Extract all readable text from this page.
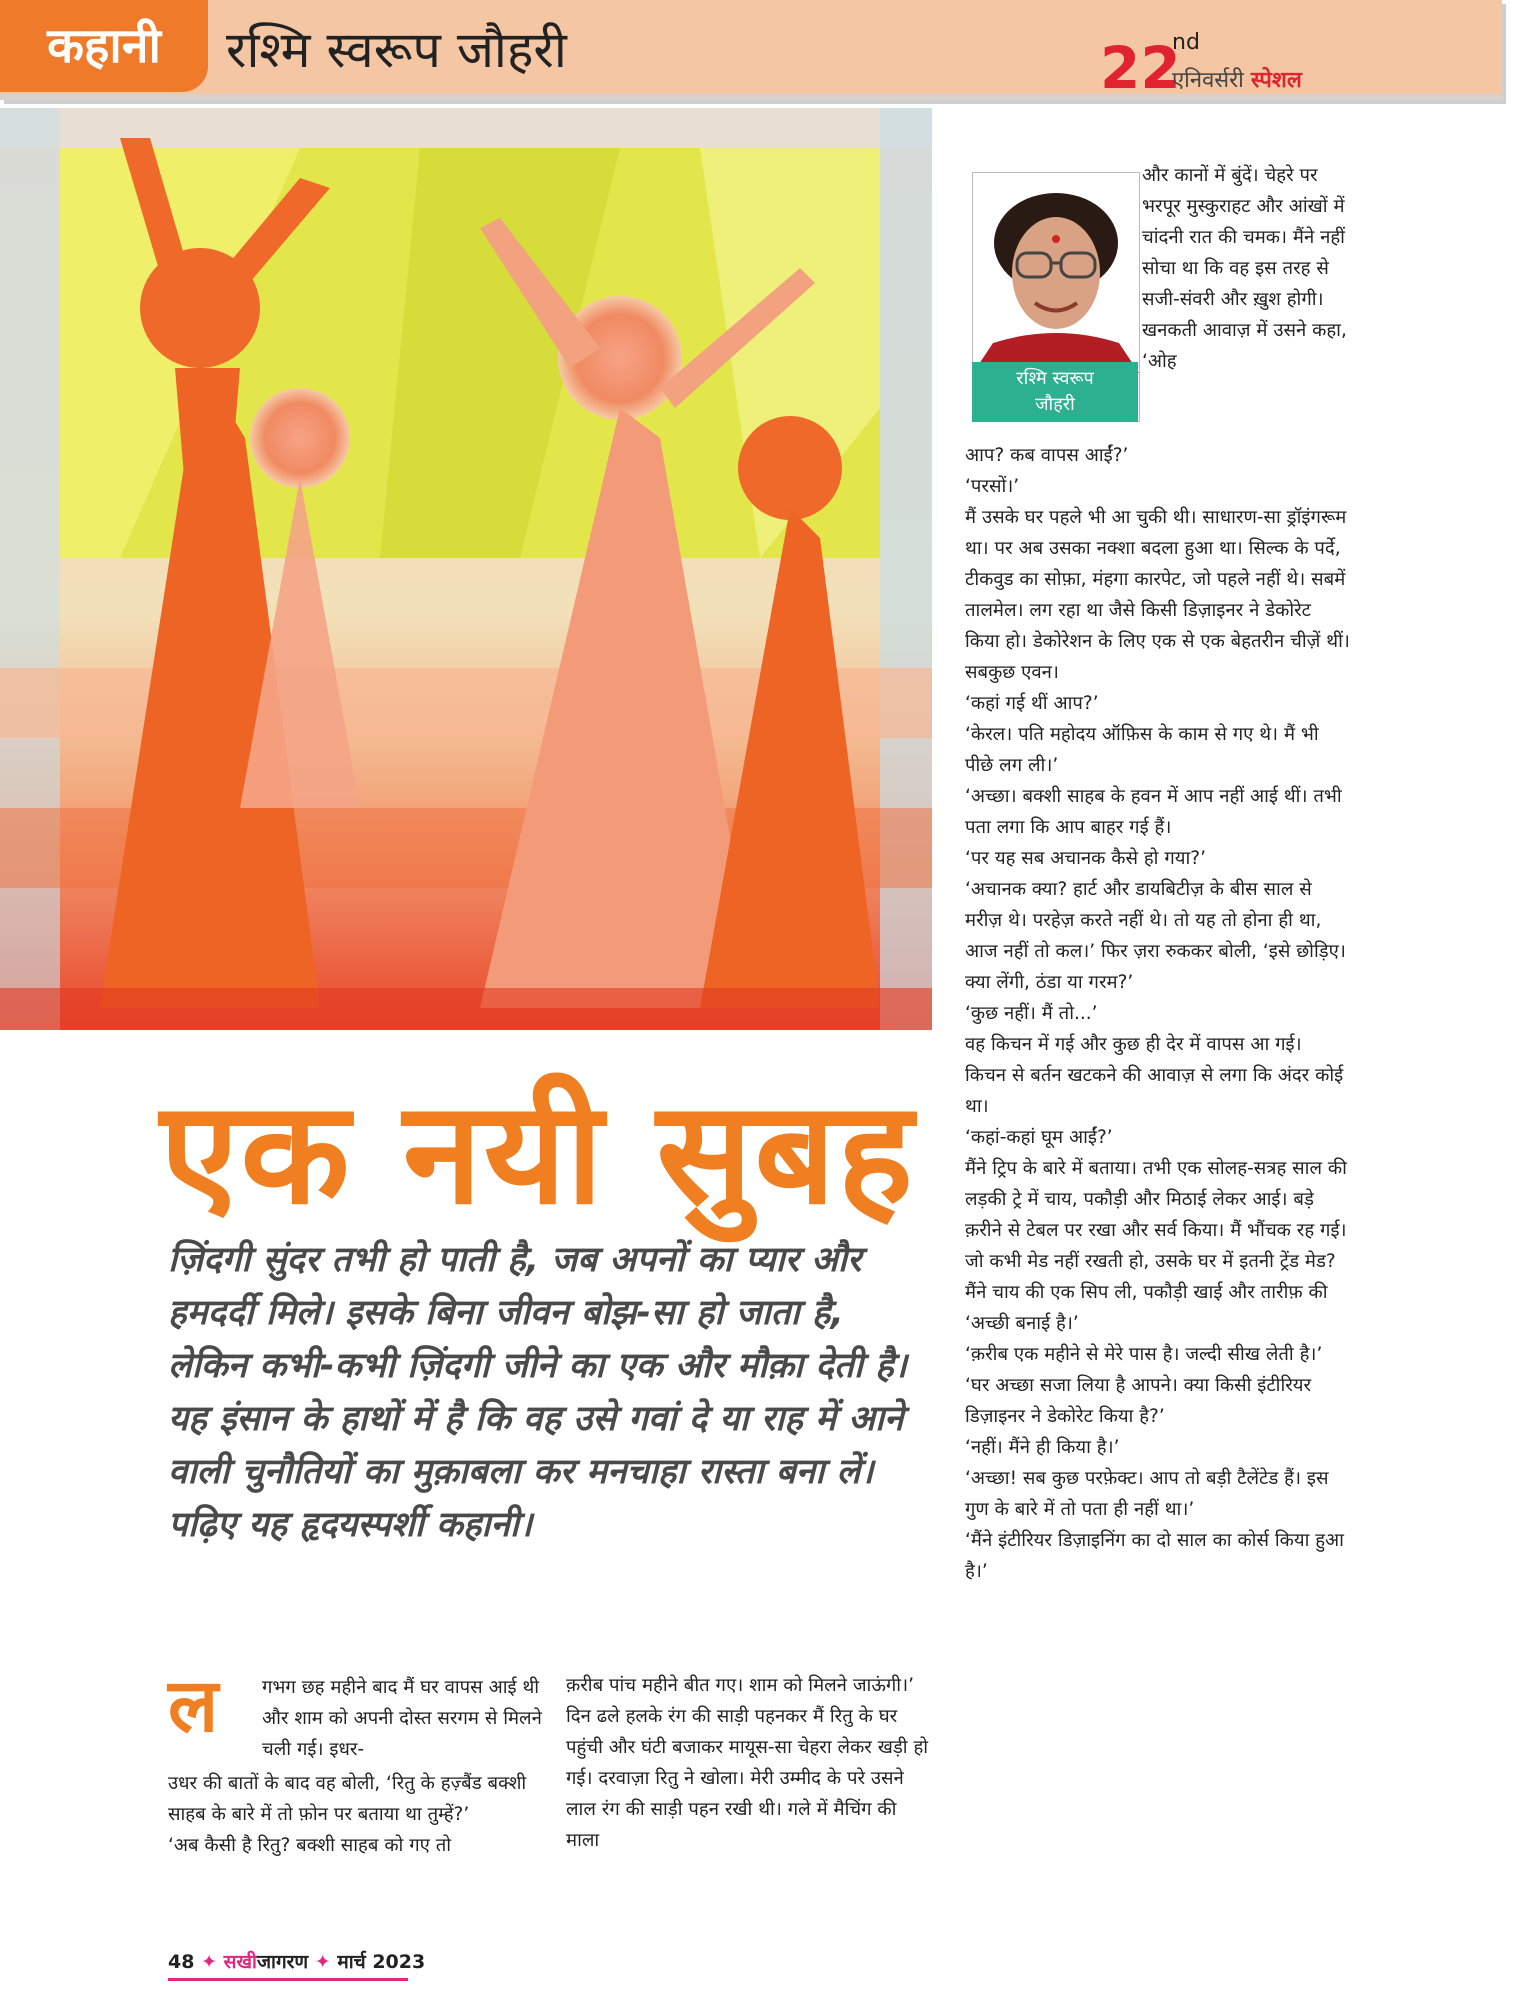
कहानी	रश्मि स्वरूप जौहरी	22
nd
एनिवर्सरी स्पेशल
रश्मि स्वरूप
जौहरी

और कानों में बुंदें। चेहरे पर भरपूर मुस्कुराहट और आंखों में चांदनी रात की चमक। मैंने नहीं सोचा था कि वह इस तरह से सजी-संवरी और ख़ुश होगी। खनकती आवाज़ में उसने कहा, ‘ओह

आप? कब वापस आईं?’

‘परसों।’

मैं उसके घर पहले भी आ चुकी थी। साधारण-सा ड्रॉइंगरूम था। पर अब उसका नक्शा बदला हुआ था। सिल्क के पर्दे, टीकवुड का सोफ़ा, मंहगा कारपेट, जो पहले नहीं थे। सबमें तालमेल। लग रहा था जैसे किसी डिज़ाइनर ने डेकोरेट किया हो। डेकोरेशन के लिए एक से एक बेहतरीन चीज़ें थीं। सबकुछ एवन।

‘कहां गई थीं आप?’

‘केरल। पति महोदय ऑफ़िस के काम से गए थे। मैं भी पीछे लग ली।’

‘अच्छा। बक्शी साहब के हवन में आप नहीं आई थीं। तभी पता लगा कि आप बाहर गई हैं।

‘पर यह सब अचानक कैसे हो गया?’

‘अचानक क्या? हार्ट और डायबिटीज़ के बीस साल से मरीज़ थे। परहेज़ करते नहीं थे। तो यह तो होना ही था, आज नहीं तो कल।’ फिर ज़रा रुककर बोली, ‘इसे छोड़िए। क्या लेंगी, ठंडा या गरम?’

‘कुछ नहीं। मैं तो...’

वह किचन में गई और कुछ ही देर में वापस आ गई।

किचन से बर्तन खटकने की आवाज़ से लगा कि अंदर कोई था।

‘कहां-कहां घूम आईं?’

मैंने ट्रिप के बारे में बताया। तभी एक सोलह-सत्रह साल की लड़की ट्रे में चाय, पकौड़ी और मिठाई लेकर आई। बड़े क़रीने से टेबल पर रखा और सर्व किया। मैं भौंचक रह गई। जो कभी मेड नहीं रखती हो, उसके घर में इतनी ट्रेंड मेड? मैंने चाय की एक सिप ली, पकौड़ी खाई और तारीफ़ की ‘अच्छी बनाई है।’

‘क़रीब एक महीने से मेरे पास है। जल्दी सीख लेती है।’

‘घर अच्छा सजा लिया है आपने। क्या किसी इंटीरियर डिज़ाइनर ने डेकोरेट किया है?’

‘नहीं। मैंने ही किया है।’

‘अच्छा! सब कुछ परफ़ेक्ट। आप तो बड़ी टैलेंटेड हैं। इस गुण के बारे में तो पता ही नहीं था।’

‘मैंने इंटीरियर डिज़ाइनिंग का दो साल का कोर्स किया हुआ है।’

एक नयी सुबह
ज़िंदगी सुंदर तभी हो पाती है, जब अपनों का प्यार और हमदर्दी मिले। इसके बिना जीवन बोझ-सा हो जाता है, लेकिन कभी-कभी ज़िंदगी जीने का एक और मौक़ा देती है। यह इंसान के हाथों में है कि वह उसे गवां दे या राह में आने वाली चुनौतियों का मुक़ाबला कर मनचाहा रास्ता बना लें। पढ़िए यह हृदयस्पर्शी कहानी।
ल गभग छह महीने बाद मैं घर वापस आई थी और शाम को अपनी दोस्त सरगम से मिलने चली गई। इधर-

उधर की बातों के बाद वह बोली, ‘रितु के हज़्बैंड बक्शी साहब के बारे में तो फ़ोन पर बताया था तुम्हें?’

‘अब कैसी है रितु? बक्शी साहब को गए तो

क़रीब पांच महीने बीत गए। शाम को मिलने जाऊंगी।’

दिन ढले हलके रंग की साड़ी पहनकर मैं रितु के घर पहुंची और घंटी बजाकर मायूस-सा चेहरा लेकर खड़ी हो गई। दरवाज़ा रितु ने खोला। मेरी उम्मीद के परे उसने लाल रंग की साड़ी पहन रखी थी। गले में मैचिंग की माला

48 ✦ सखीजागरण ✦ मार्च 2023
